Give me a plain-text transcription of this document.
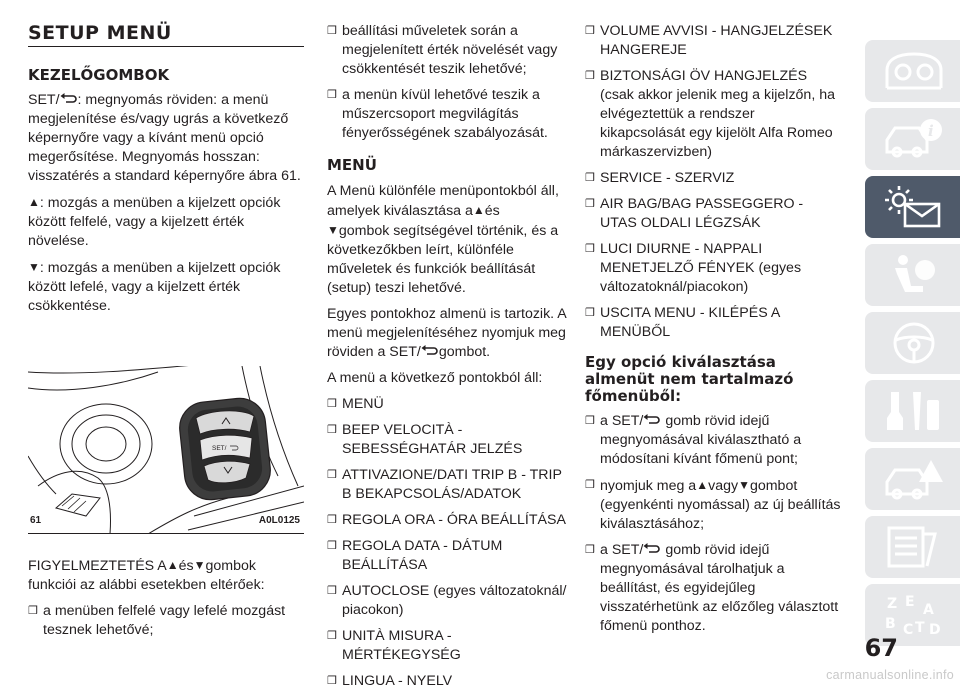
SETUP MENÜ
KEZELŐGOMBOK

SET/ : megnyomás röviden: a menü megjelenítése és/vagy ugrás a következő képernyőre vagy a kívánt menü opció megerősítése. Megnyomás hosszan: visszatérés a standard képernyőre ábra 61.

▲: mozgás a menüben a kijelzett opciók között felfelé, vagy a kijelzett érték növelése.

▼: mozgás a menüben a kijelzett opciók között lefelé, vagy a kijelzett érték csökkentése.

SET/
61	A0L0125

FIGYELMEZTETÉS A▲és▼gombok funkciói az alábbi esetekben eltérőek:

❒ a menüben felfelé vagy lefelé mozgást tesznek lehetővé;
❒ beállítási műveletek során a megjelenített érték növelését vagy csökkentését teszik lehetővé;
❒ a menün kívül lehetővé teszik a műszercsoport megvilágítás fényerősségének szabályozását.
MENÜ

A Menü különféle menüpontokból áll, amelyek kiválasztása a▲és
▼gombok segítségével történik, és a következőkben leírt, különféle műveletek és funkciók beállítását (setup) teszi lehetővé.

Egyes pontokhoz almenü is tartozik. A menü megjelenítéséhez nyomjuk meg röviden a SET/ gombot.

A menü a következő pontokból áll:

❒ MENÜ
❒ BEEP VELOCITÀ - SEBESSÉGHATÁR JELZÉS
❒ ATTIVAZIONE/DATI TRIP B - TRIP B BEKAPCSOLÁS/ADATOK
❒ REGOLA ORA - ÓRA BEÁLLÍTÁSA
❒ REGOLA DATA - DÁTUM BEÁLLÍTÁSA
❒ AUTOCLOSE (egyes változatoknál/ piacokon)
❒ UNITÀ MISURA - MÉRTÉKEGYSÉG
❒ LINGUA - NYELV
❒ VOLUME AVVISI - HANGJELZÉSEK HANGEREJE
❒ BIZTONSÁGI ÖV HANGJELZÉS (csak akkor jelenik meg a kijelzőn, ha elvégeztettük a rendszer kikapcsolását egy kijelölt Alfa Romeo márkaszervizben)
❒ SERVICE - SZERVIZ
❒ AIR BAG/BAG PASSEGGERO - UTAS OLDALI LÉGZSÁK
❒ LUCI DIURNE - NAPPALI MENETJELZŐ FÉNYEK (egyes változatoknál/piacokon)
❒ USCITA MENU - KILÉPÉS A MENÜBŐL
Egy opció kiválasztása almenüt nem tartalmazó főmenüből:
❒ a SET/ gomb rövid idejű megnyomásával kiválasztható a módosítani kívánt főmenü pont;
❒ nyomjuk meg a▲vagy▼gombot (egyenkénti nyomással) az új beállítás kiválasztásához;
❒ a SET/ gomb rövid idejű megnyomásával tárolhatjuk a beállítást, és egyidejűleg visszatérhetünk az előzőleg választott főmenü ponthoz.
i
Z E A
B C T D
67
carmanualsonline.info
